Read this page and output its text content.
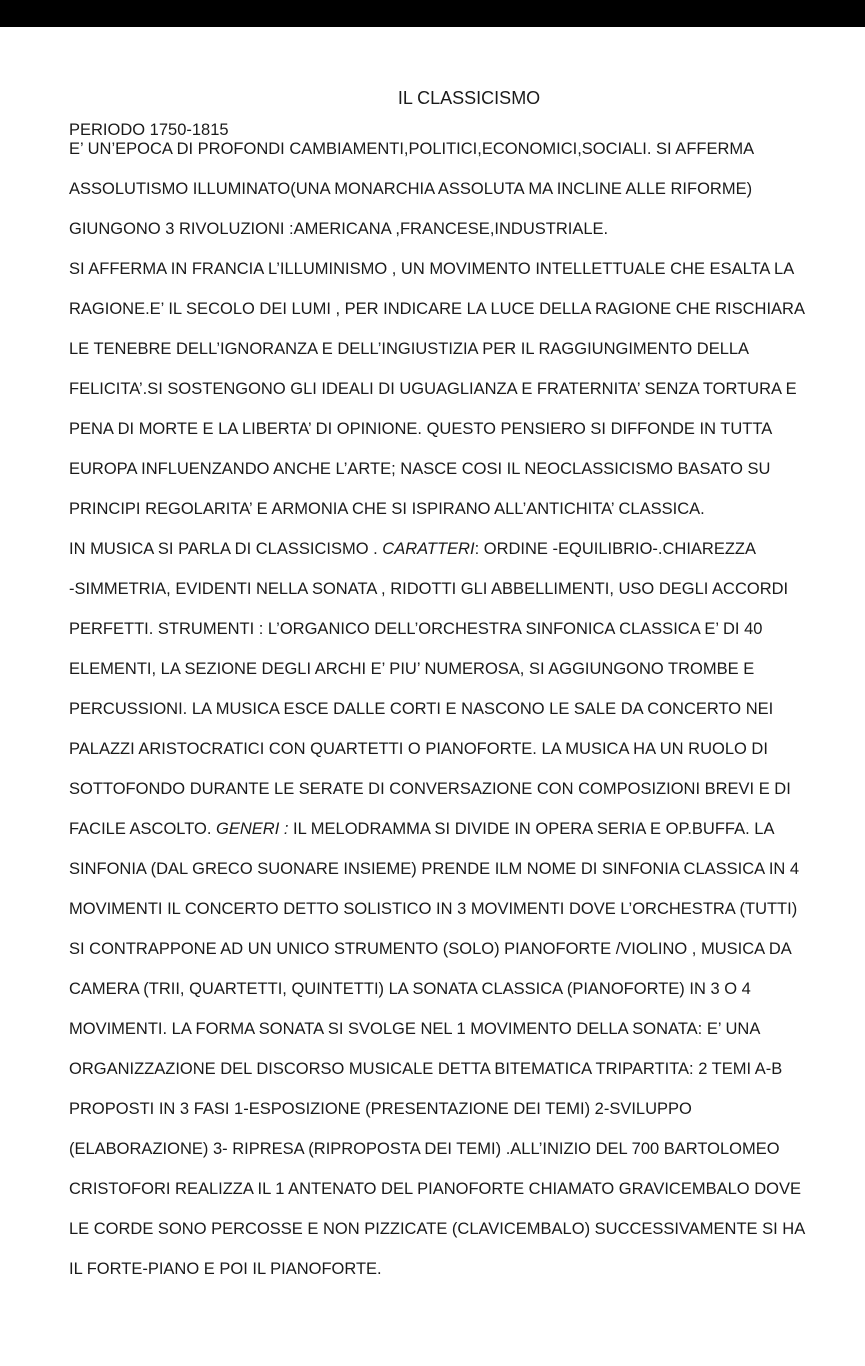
IL CLASSICISMO
PERIODO 1750-1815
E’ UN’EPOCA DI PROFONDI CAMBIAMENTI,POLITICI,ECONOMICI,SOCIALI. SI AFFERMA
ASSOLUTISMO ILLUMINATO(UNA MONARCHIA ASSOLUTA MA INCLINE ALLE RIFORME)
GIUNGONO 3 RIVOLUZIONI :AMERICANA ,FRANCESE,INDUSTRIALE.
SI AFFERMA IN FRANCIA L’ILLUMINISMO , UN MOVIMENTO INTELLETTUALE CHE ESALTA LA
RAGIONE.E’ IL SECOLO DEI LUMI , PER INDICARE LA LUCE DELLA RAGIONE CHE RISCHIARA
LE TENEBRE DELL’IGNORANZA E DELL’INGIUSTIZIA PER IL RAGGIUNGIMENTO DELLA
FELICITA’.SI SOSTENGONO GLI IDEALI DI UGUAGLIANZA E FRATERNITA’ SENZA TORTURA E
PENA DI MORTE E LA LIBERTA’ DI OPINIONE. QUESTO PENSIERO SI DIFFONDE IN TUTTA
EUROPA INFLUENZANDO ANCHE L’ARTE; NASCE COSI IL NEOCLASSICISMO BASATO SU
PRINCIPI REGOLARITA’ E ARMONIA CHE SI ISPIRANO ALL’ANTICHITA’ CLASSICA.
IN MUSICA SI PARLA DI CLASSICISMO . CARATTERI: ORDINE -EQUILIBRIO-.CHIAREZZA
-SIMMETRIA, EVIDENTI NELLA SONATA , RIDOTTI GLI ABBELLIMENTI, USO DEGLI ACCORDI
PERFETTI. STRUMENTI : L’ORGANICO DELL’ORCHESTRA SINFONICA CLASSICA E’ DI 40
ELEMENTI, LA SEZIONE DEGLI ARCHI E’ PIU’ NUMEROSA, SI AGGIUNGONO TROMBE E
PERCUSSIONI. LA MUSICA ESCE DALLE CORTI E NASCONO LE SALE DA CONCERTO NEI
PALAZZI ARISTOCRATICI CON QUARTETTI O PIANOFORTE. LA MUSICA HA UN RUOLO DI
SOTTOFONDO DURANTE LE SERATE DI CONVERSAZIONE CON COMPOSIZIONI BREVI E DI
FACILE ASCOLTO. GENERI : IL MELODRAMMA SI DIVIDE IN OPERA SERIA E OP.BUFFA. LA
SINFONIA (DAL GRECO SUONARE INSIEME) PRENDE ILM NOME DI SINFONIA CLASSICA IN 4
MOVIMENTI IL CONCERTO DETTO SOLISTICO IN 3 MOVIMENTI DOVE L’ORCHESTRA (TUTTI)
SI CONTRAPPONE AD UN UNICO STRUMENTO (SOLO) PIANOFORTE /VIOLINO , MUSICA DA
CAMERA (TRII, QUARTETTI, QUINTETTI) LA SONATA CLASSICA (PIANOFORTE) IN 3 O 4
MOVIMENTI. LA FORMA SONATA SI SVOLGE NEL 1 MOVIMENTO DELLA SONATA: E’ UNA
ORGANIZZAZIONE DEL DISCORSO MUSICALE DETTA BITEMATICA TRIPARTITA: 2 TEMI A-B
PROPOSTI IN 3 FASI 1-ESPOSIZIONE (PRESENTAZIONE DEI TEMI) 2-SVILUPPO
(ELABORAZIONE) 3- RIPRESA (RIPROPOSTA DEI TEMI) .ALL’INIZIO DEL 700 BARTOLOMEO
CRISTOFORI REALIZZA IL 1 ANTENATO DEL PIANOFORTE CHIAMATO GRAVICEMBALO DOVE
LE CORDE SONO PERCOSSE E NON PIZZICATE (CLAVICEMBALO) SUCCESSIVAMENTE SI HA
IL FORTE-PIANO E POI IL PIANOFORTE.
